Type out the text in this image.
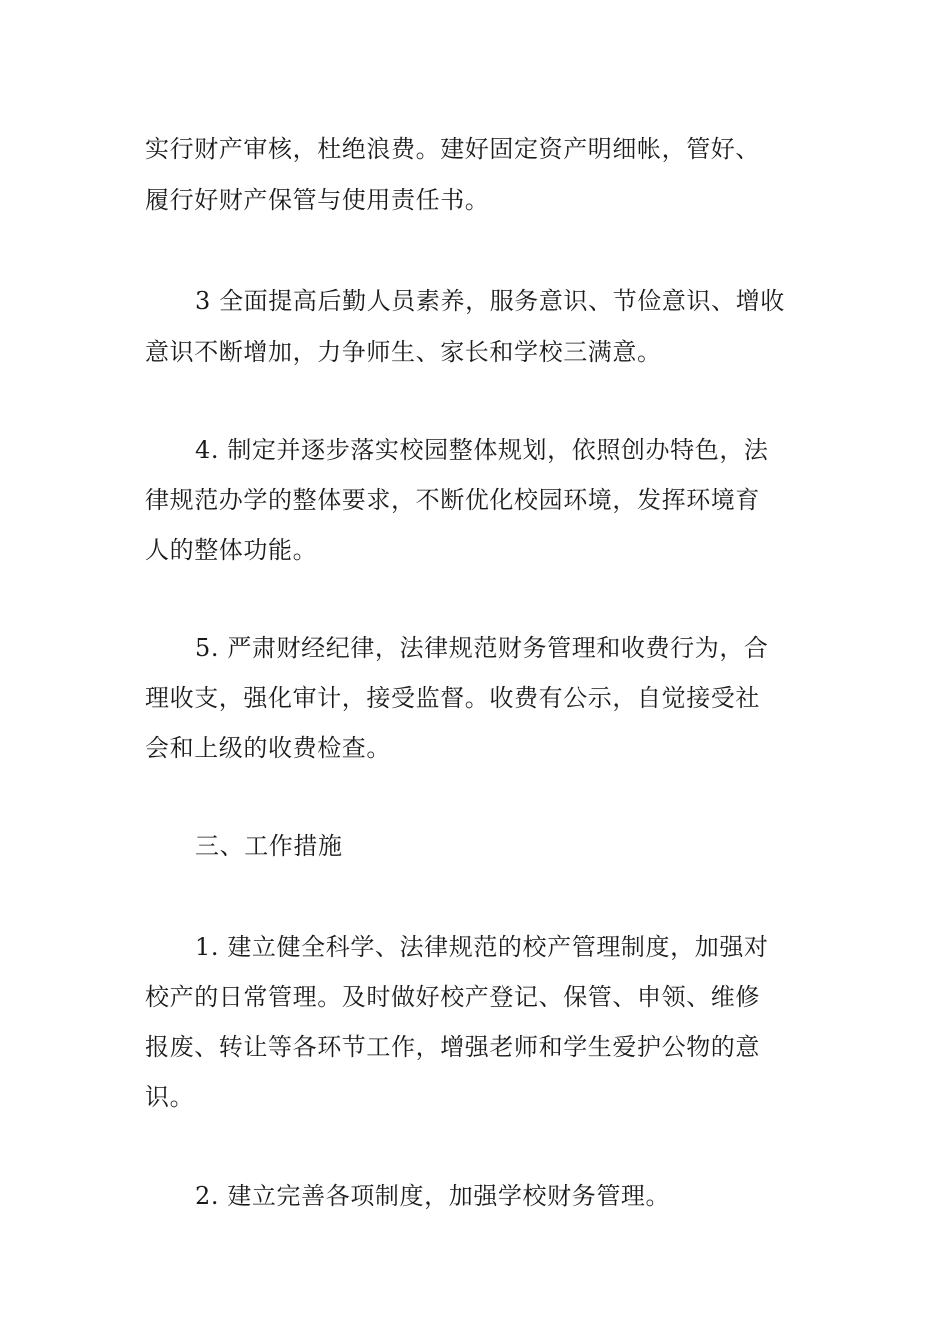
实行财产审核，杜绝浪费。建好固定资产明细帐，管好、

履行好财产保管与使用责任书。

3 全面提高后勤人员素养，服务意识、节俭意识、增收

意识不断增加，力争师生、家长和学校三满意。

4. 制定并逐步落实校园整体规划，依照创办特色，法

律规范办学的整体要求，不断优化校园环境，发挥环境育

人的整体功能。

5. 严肃财经纪律，法律规范财务管理和收费行为，合

理收支，强化审计，接受监督。收费有公示，自觉接受社

会和上级的收费检查。

三、工作措施

1. 建立健全科学、法律规范的校产管理制度，加强对

校产的日常管理。及时做好校产登记、保管、申领、维修

报废、转让等各环节工作，增强老师和学生爱护公物的意

识。

2. 建立完善各项制度，加强学校财务管理。
